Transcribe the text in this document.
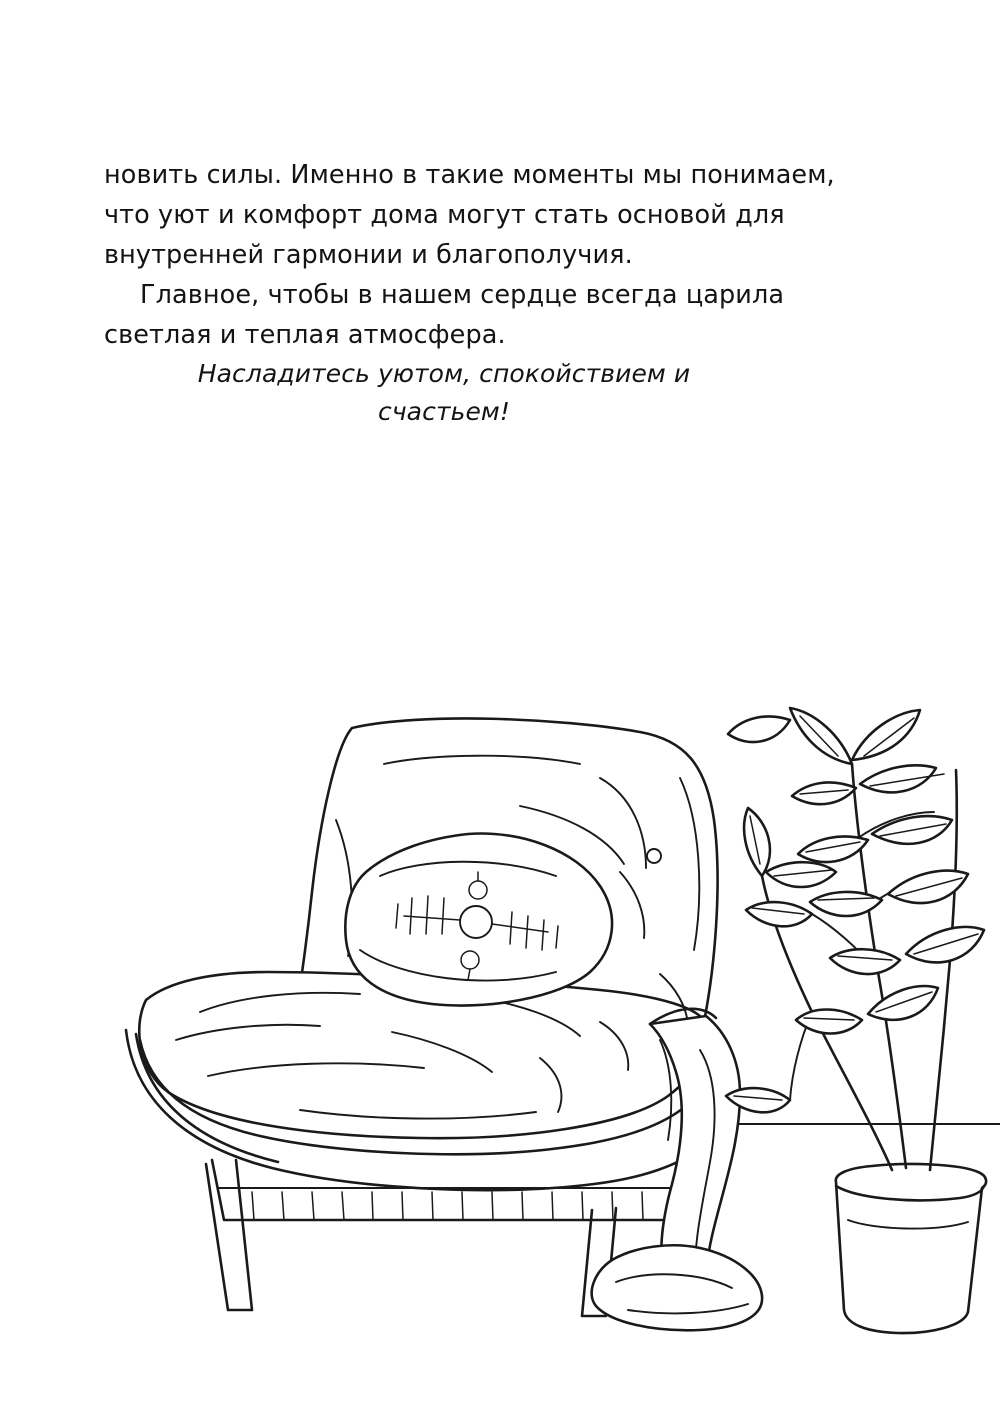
новить силы. Именно в такие моменты мы понимаем, что уют и комфорт дома могут стать основой для внутренней гармонии и благополучия.

Главное, чтобы в нашем сердце всегда царила светлая и теплая атмосфера.

Насладитесь уютом, спокойствием и счастьем!
